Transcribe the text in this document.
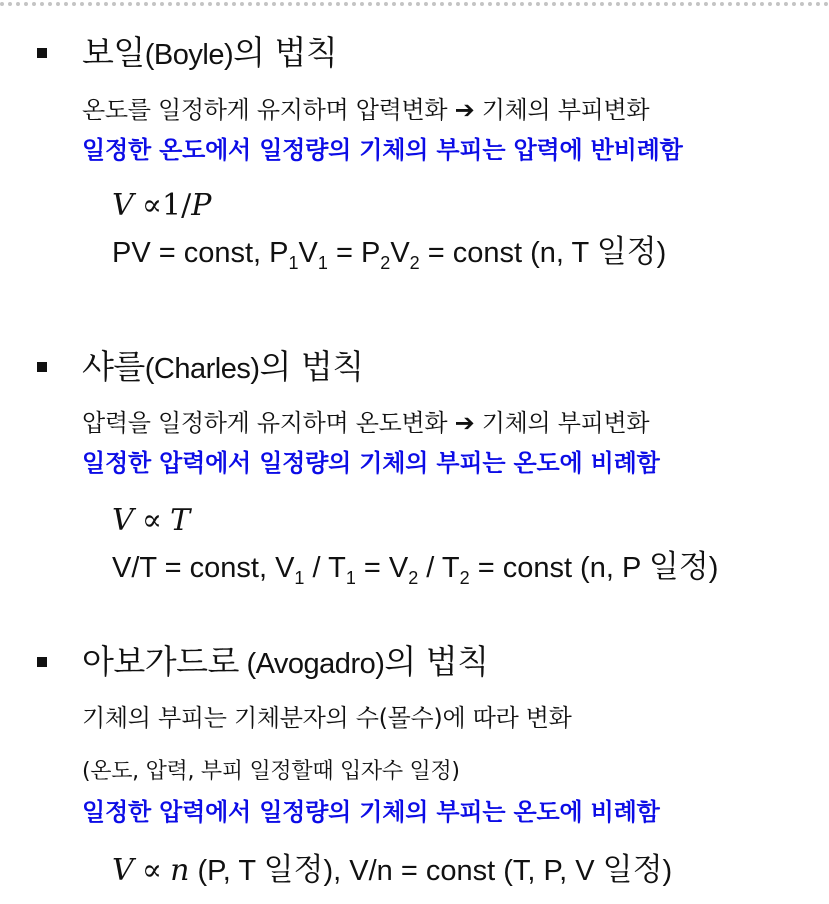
보일(Boyle)의 법칙
온도를 일정하게 유지하며 압력변화 ➔ 기체의 부피변화
일정한 온도에서 일정량의 기체의 부피는 압력에 반비례함
V ∝1/P
PV = const, $P_1V_1 = P_2V_2$ = const (n, T 일정)
샤를(Charles)의 법칙
압력을 일정하게 유지하며 온도변화 ➔ 기체의 부피변화
일정한 압력에서 일정량의 기체의 부피는 온도에 비례함
V ∝ T
V/T = const, $V_1 / T_1 = V_2 / T_2$ = const (n, P 일정)
아보가드로 (Avogadro)의 법칙
기체의 부피는 기체분자의 수(몰수)에 따라 변화
(온도, 압력, 부피 일정할때 입자수 일정)
일정한 압력에서 일정량의 기체의 부피는 온도에 비례함
V ∝ n (P, T 일정), V/n = const (T, P, V 일정)
